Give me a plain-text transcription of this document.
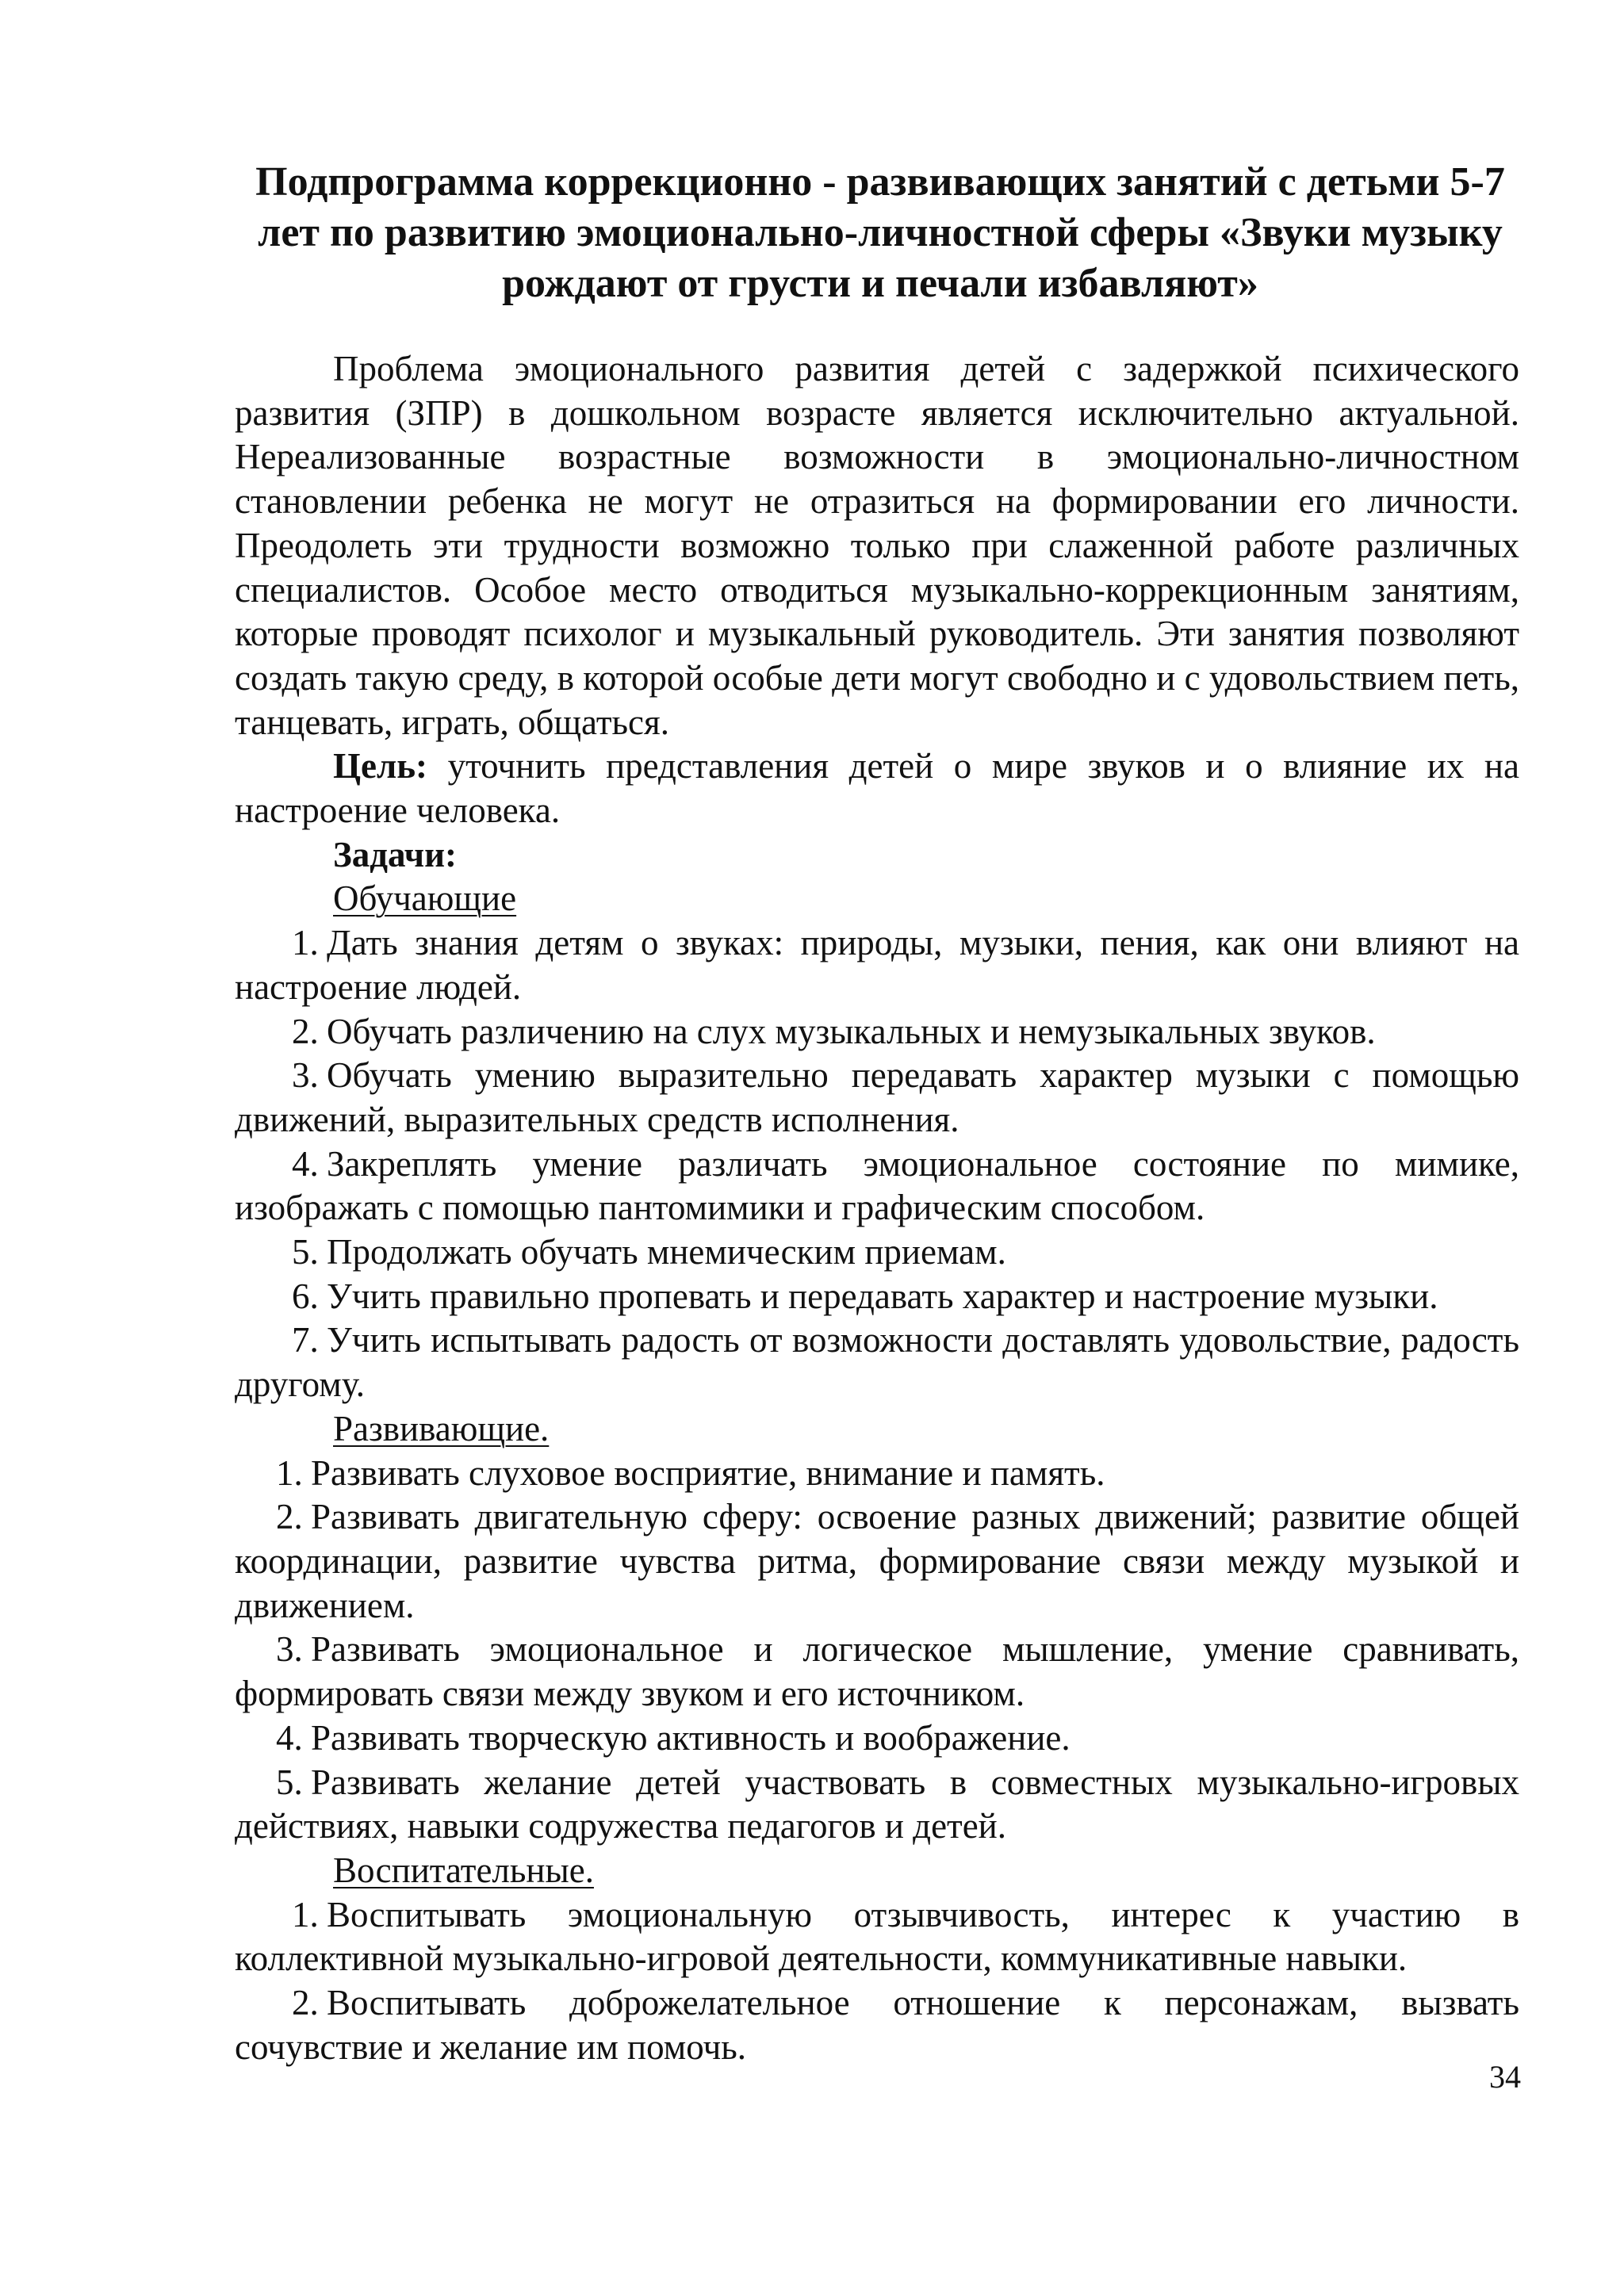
Подпрограмма коррекционно - развивающих занятий с детьми 5-7 лет по развитию эмоционально-личностной сферы «Звуки музыку рождают от грусти и печали избавляют»

Проблема эмоционального развития детей с задержкой психического развития (ЗПР) в дошкольном возрасте является исключительно актуальной. Нереализованные возрастные возможности в эмоционально-личностном становлении ребенка не могут не отразиться на формировании его личности. Преодолеть эти трудности возможно только при слаженной работе различных специалистов. Особое место отводиться музыкально-коррекционным занятиям, которые проводят психолог и музыкальный руководитель. Эти занятия позволяют создать такую среду, в которой особые дети могут свободно и с удовольствием петь, танцевать, играть, общаться.

Цель: уточнить представления детей о мире звуков и о влияние их на настроение человека.

Задачи:

Обучающие

1. Дать знания детям о звуках: природы, музыки, пения, как они влияют на настроение людей.

2. Обучать различению на слух музыкальных и немузыкальных звуков.

3. Обучать умению выразительно передавать характер музыки с помощью движений, выразительных средств исполнения.

4. Закреплять умение различать эмоциональное состояние по мимике, изображать с помощью пантомимики и графическим способом.

5. Продолжать обучать мнемическим приемам.

6. Учить правильно пропевать и передавать характер и настроение музыки.

7. Учить испытывать радость от возможности доставлять удовольствие, радость другому.

Развивающие.

1. Развивать слуховое восприятие, внимание и память.

2. Развивать двигательную сферу: освоение разных движений; развитие общей координации, развитие чувства ритма, формирование связи между музыкой и движением.

3. Развивать эмоциональное и логическое мышление, умение сравнивать, формировать связи между звуком и его источником.

4. Развивать творческую активность и воображение.

5. Развивать желание детей участвовать в совместных музыкально-игровых действиях, навыки содружества педагогов и детей.

Воспитательные.

1. Воспитывать эмоциональную отзывчивость, интерес к участию в коллективной музыкально-игровой деятельности, коммуникативные навыки.

2. Воспитывать доброжелательное отношение к персонажам, вызвать сочувствие и желание им помочь.

34
